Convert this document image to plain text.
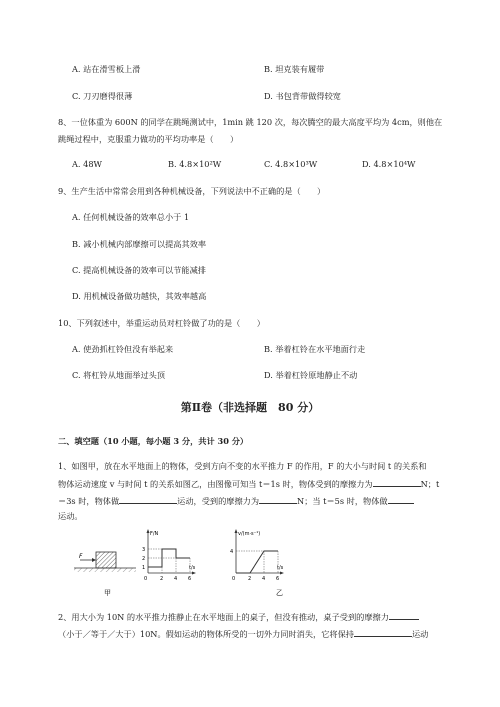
A. 站在滑雪板上滑	B. 坦克装有履带
C. 刀刃磨得很薄	D. 书包背带做得较宽
8、一位体重为 600N 的同学在跳绳测试中，1min 跳 120 次，每次腾空的最大高度平均为 4cm，则他在
跳绳过程中，克服重力做功的平均功率是（　　）
A. 48W	B. 4.8×10²W	C. 4.8×10³W	D. 4.8×10⁴W
9、生产生活中常常会用到各种机械设备，下列说法中不正确的是（　　）
A. 任何机械设备的效率总小于 1
B. 减小机械内部摩擦可以提高其效率
C. 提高机械设备的效率可以节能减排
D. 用机械设备做功越快，其效率越高
10、下列叙述中，举重运动员对杠铃做了功的是（　　）
A. 使劲抓杠铃但没有举起来	B. 举着杠铃在水平地面行走
C. 将杠铃从地面举过头顶	D. 举着杠铃原地静止不动
第Ⅱ卷（非选择题　80 分）
二、填空题（10 小题，每小题 3 分，共计 30 分）
1、如图甲，放在水平地面上的物体，受到方向不变的水平推力 F 的作用，F 的大小与时间 t 的关系和
物体运动速度 v 与时间 t 的关系如图乙，由图像可知当 t＝1s 时，物体受到的摩擦力为	N；t
＝3s 时，物体做	运动，受到的摩擦力为	N；当 t＝5s 时，物体做
运动。
F
甲
F/N
t/s
3
2
1
0	2 4 6
v/(m·s⁻¹)
t/s
4
0	2 4 6
乙
2、用大小为 10N 的水平推力推静止在水平地面上的桌子，但没有推动，桌子受到的摩擦力
（小于／等于／大于）10N。假如运动的物体所受的一切外力同时消失，它将保持	运动
